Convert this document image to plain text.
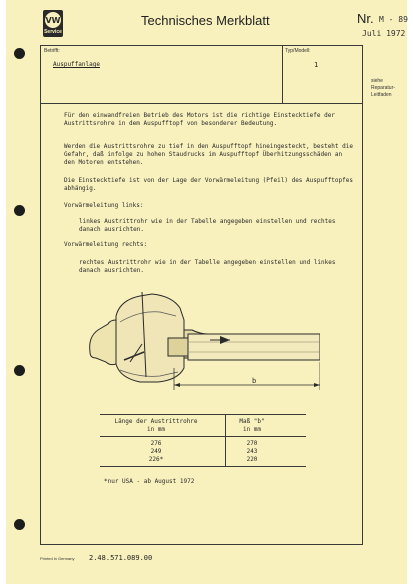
VW
Service
Technisches Merkblatt	Nr. M - 89
Juli 1972
Betrifft:
Auspuffanlage
Typ/Modell:
1
siehe Reparatur-Leitfaden
Für den einwandfreien Betrieb des Motors ist die richtige Einstecktiefe der Austrittsrohre in dem Auspufftopf von besonderer Bedeutung.
Werden die Austrittsrohre zu tief in den Auspufftopf hineingesteckt, besteht die Gefahr, daß infolge zu hohen Staudrucks im Auspufftopf Überhitzungsschäden an den Motoren entstehen.
Die Einstecktiefe ist von der Lage der Vorwärmeleitung (Pfeil) des Auspufftopfes abhängig.
Vorwärmeleitung links:
linkes Austrittrohr wie in der Tabelle angegeben einstellen und rechtes danach ausrichten.
Vorwärmeleitung rechts:
rechtes Austrittrohr wie in der Tabelle angegeben einstellen und linkes danach ausrichten.
b
Länge der Austrittrohre	Maß "b"
in mm	in mm
276	270
249	243
226*	220
*nur USA - ab August 1972
Printed in Germany 2.48.571.089.00
